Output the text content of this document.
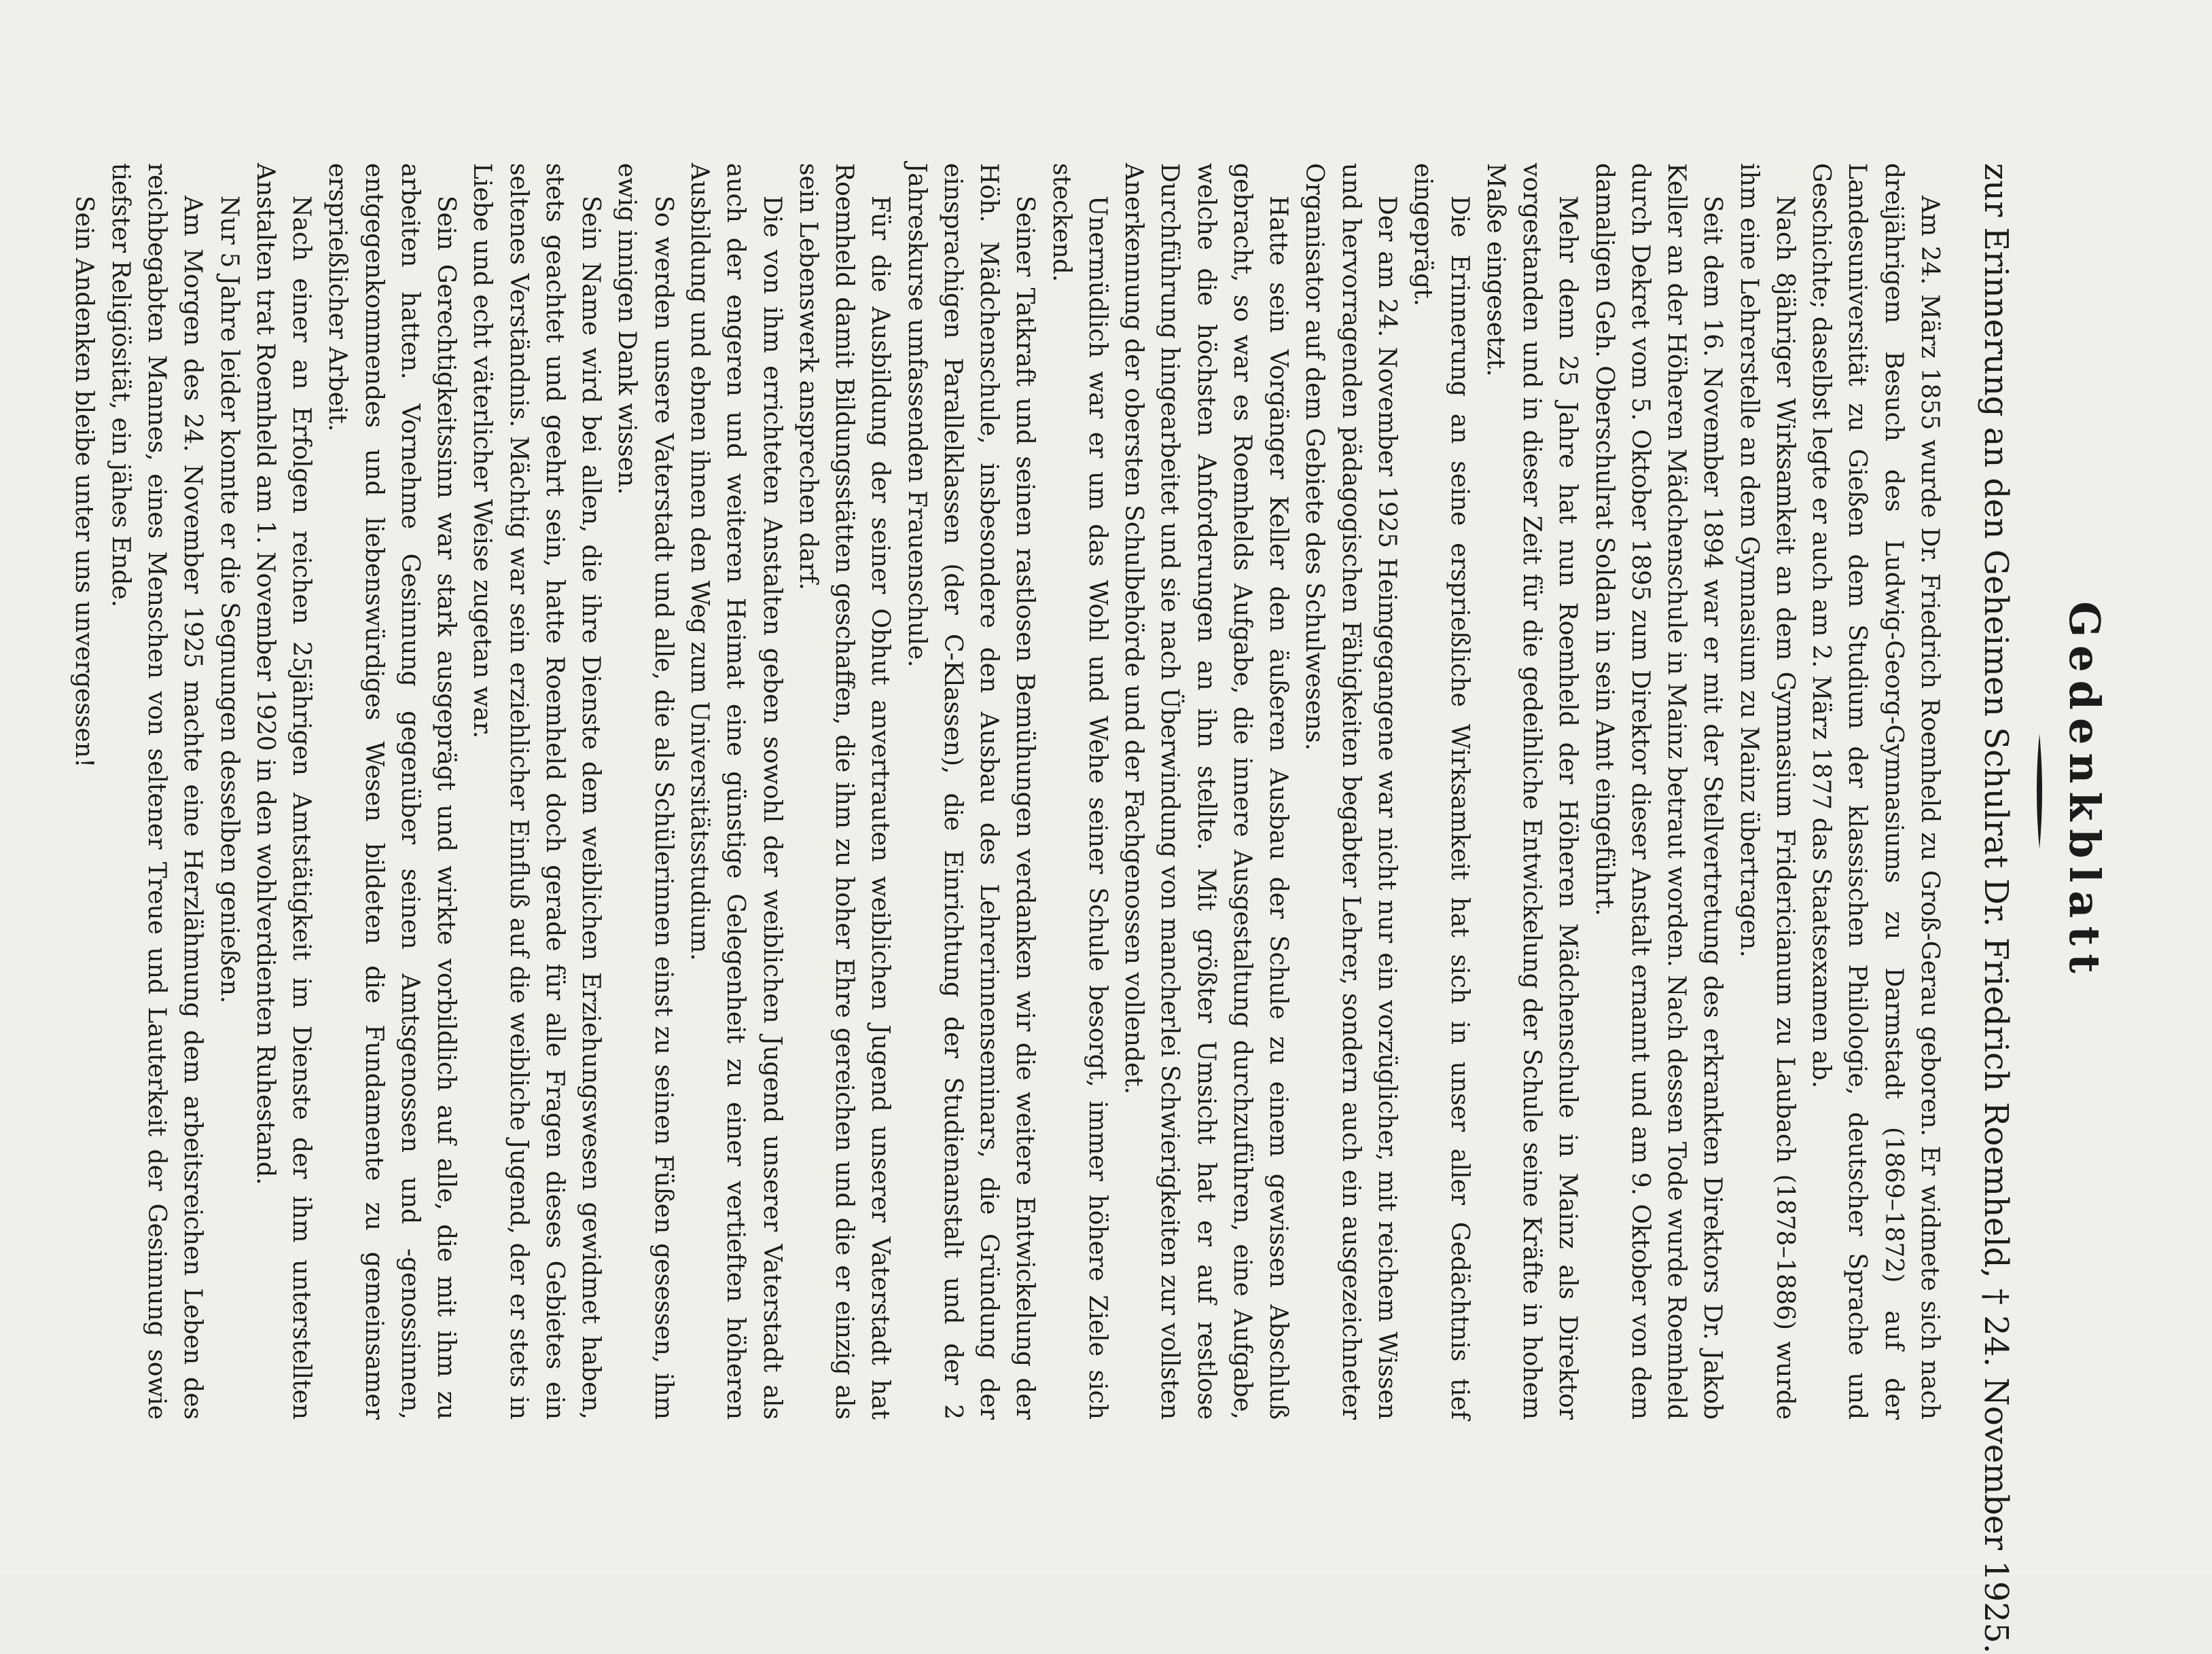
Gedenkblatt
zur Erinnerung an den Geheimen Schulrat Dr. Friedrich Roemheld, † 24. November 1925.

Am 24. März 1855 wurde Dr. Friedrich Roemheld zu Groß-Gerau geboren. Er widmete sich nach dreijährigem Besuch des Ludwig-Georg-Gymnasiums zu Darmstadt (1869–1872) auf der Landesuniversität zu Gießen dem Studium der klassischen Philologie, deutscher Sprache und Geschichte; daselbst legte er auch am 2. März 1877 das Staatsexamen ab.

Nach 8jähriger Wirksamkeit an dem Gymnasium Fridericianum zu Laubach (1878–1886) wurde ihm eine Lehrerstelle an dem Gymnasium zu Mainz übertragen.

Seit dem 16. November 1894 war er mit der Stellvertretung des erkrankten Direktors Dr. Jakob Keller an der Höheren Mädchenschule in Mainz betraut worden. Nach dessen Tode wurde Roemheld durch Dekret vom 5. Oktober 1895 zum Direktor dieser Anstalt ernannt und am 9. Oktober von dem damaligen Geh. Oberschulrat Soldan in sein Amt eingeführt.

Mehr denn 25 Jahre hat nun Roemheld der Höheren Mädchenschule in Mainz als Direktor vorgestanden und in dieser Zeit für die gedeihliche Entwickelung der Schule seine Kräfte in hohem Maße eingesetzt.

Die Erinnerung an seine ersprießliche Wirksamkeit hat sich in unser aller Gedächtnis tief eingeprägt.

Der am 24. November 1925 Heimgegangene war nicht nur ein vorzüglicher, mit reichem Wissen und hervorragenden pädagogischen Fähigkeiten begabter Lehrer, sondern auch ein ausgezeichneter Organisator auf dem Gebiete des Schulwesens.

Hatte sein Vorgänger Keller den äußeren Ausbau der Schule zu einem gewissen Abschluß gebracht, so war es Roemhelds Aufgabe, die innere Ausgestaltung durchzuführen, eine Aufgabe, welche die höchsten Anforderungen an ihn stellte. Mit größter Umsicht hat er auf restlose Durchführung hingearbeitet und sie nach Überwindung von mancherlei Schwierigkeiten zur vollsten Anerkennung der obersten Schulbehörde und der Fachgenossen vollendet.

Unermüdlich war er um das Wohl und Wehe seiner Schule besorgt, immer höhere Ziele sich steckend.

Seiner Tatkraft und seinen rastlosen Bemühungen verdanken wir die weitere Entwickelung der Höh. Mädchenschule, insbesondere den Ausbau des Lehrerinnenseminars, die Gründung der einsprachigen Parallelklassen (der C-Klassen), die Einrichtung der Studienanstalt und der 2 Jahreskurse umfassenden Frauenschule.

Für die Ausbildung der seiner Obhut anvertrauten weiblichen Jugend unserer Vaterstadt hat Roemheld damit Bildungsstätten geschaffen, die ihm zu hoher Ehre gereichen und die er einzig als sein Lebenswerk ansprechen darf.

Die von ihm errichteten Anstalten geben sowohl der weiblichen Jugend unserer Vaterstadt als auch der engeren und weiteren Heimat eine günstige Gelegenheit zu einer vertieften höheren Ausbildung und ebnen ihnen den Weg zum Universitätsstudium.

So werden unsere Vaterstadt und alle, die als Schülerinnen einst zu seinen Füßen gesessen, ihm ewig innigen Dank wissen.

Sein Name wird bei allen, die ihre Dienste dem weiblichen Erziehungswesen gewidmet haben, stets geachtet und geehrt sein, hatte Roemheld doch gerade für alle Fragen dieses Gebietes ein seltenes Verständnis. Mächtig war sein erziehlicher Einfluß auf die weibliche Jugend, der er stets in Liebe und echt väterlicher Weise zugetan war.

Sein Gerechtigkeitssinn war stark ausgeprägt und wirkte vorbildlich auf alle, die mit ihm zu arbeiten hatten. Vornehme Gesinnung gegenüber seinen Amtsgenossen und -genossinnen, entgegenkommendes und liebenswürdiges Wesen bildeten die Fundamente zu gemeinsamer ersprießlicher Arbeit.

Nach einer an Erfolgen reichen 25jährigen Amtstätigkeit im Dienste der ihm unterstellten Anstalten trat Roemheld am 1. November 1920 in den wohlverdienten Ruhestand.

Nur 5 Jahre leider konnte er die Segnungen desselben genießen.

Am Morgen des 24. November 1925 machte eine Herzlähmung dem arbeitsreichen Leben des reichbegabten Mannes, eines Menschen von seltener Treue und Lauterkeit der Gesinnung sowie tiefster Religiösität, ein jähes Ende.

Sein Andenken bleibe unter uns unvergessen!
